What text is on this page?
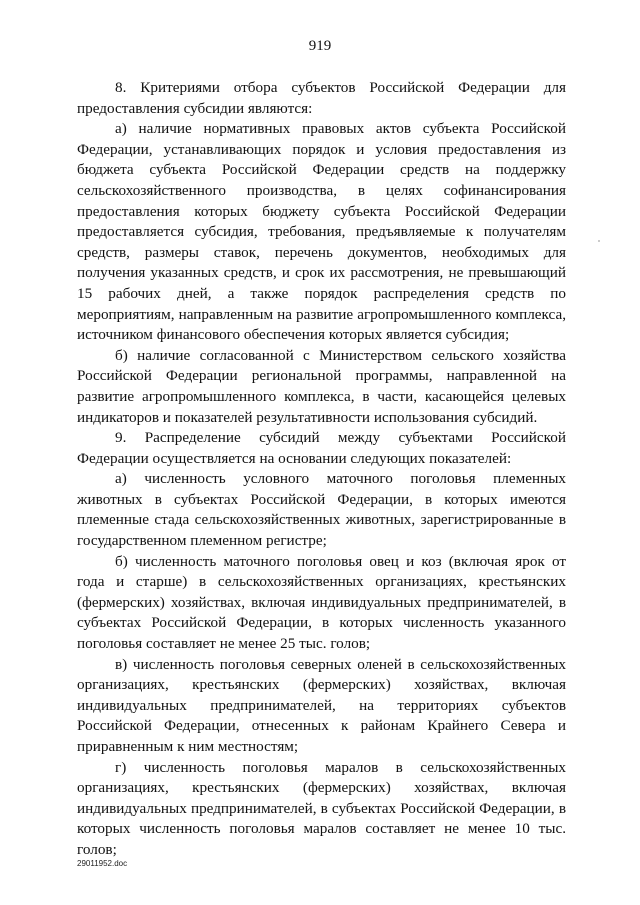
919

8. Критериями отбора субъектов Российской Федерации для предоставления субсидии являются:

а) наличие нормативных правовых актов субъекта Российской Федерации, устанавливающих порядок и условия предоставления из бюджета субъекта Российской Федерации средств на поддержку сельскохозяйственного производства, в целях софинансирования предоставления которых бюджету субъекта Российской Федерации предоставляется субсидия, требования, предъявляемые к получателям средств, размеры ставок, перечень документов, необходимых для получения указанных средств, и срок их рассмотрения, не превышающий 15 рабочих дней, а также порядок распределения средств по мероприятиям, направленным на развитие агропромышленного комплекса, источником финансового обеспечения которых является субсидия;

б) наличие согласованной с Министерством сельского хозяйства Российской Федерации региональной программы, направленной на развитие агропромышленного комплекса, в части, касающейся целевых индикаторов и показателей результативности использования субсидий.

9. Распределение субсидий между субъектами Российской Федерации осуществляется на основании следующих показателей:

а) численность условного маточного поголовья племенных животных в субъектах Российской Федерации, в которых имеются племенные стада сельскохозяйственных животных, зарегистрированные в государственном племенном регистре;

б) численность маточного поголовья овец и коз (включая ярок от года и старше) в сельскохозяйственных организациях, крестьянских (фермерских) хозяйствах, включая индивидуальных предпринимателей, в субъектах Российской Федерации, в которых численность указанного поголовья составляет не менее 25 тыс. голов;

в) численность поголовья северных оленей в сельскохозяйственных организациях, крестьянских (фермерских) хозяйствах, включая индивидуальных предпринимателей, на территориях субъектов Российской Федерации, отнесенных к районам Крайнего Севера и приравненным к ним местностям;

г) численность поголовья маралов в сельскохозяйственных организациях, крестьянских (фермерских) хозяйствах, включая индивидуальных предпринимателей, в субъектах Российской Федерации, в которых численность поголовья маралов составляет не менее 10 тыс. голов;

29011952.doc
